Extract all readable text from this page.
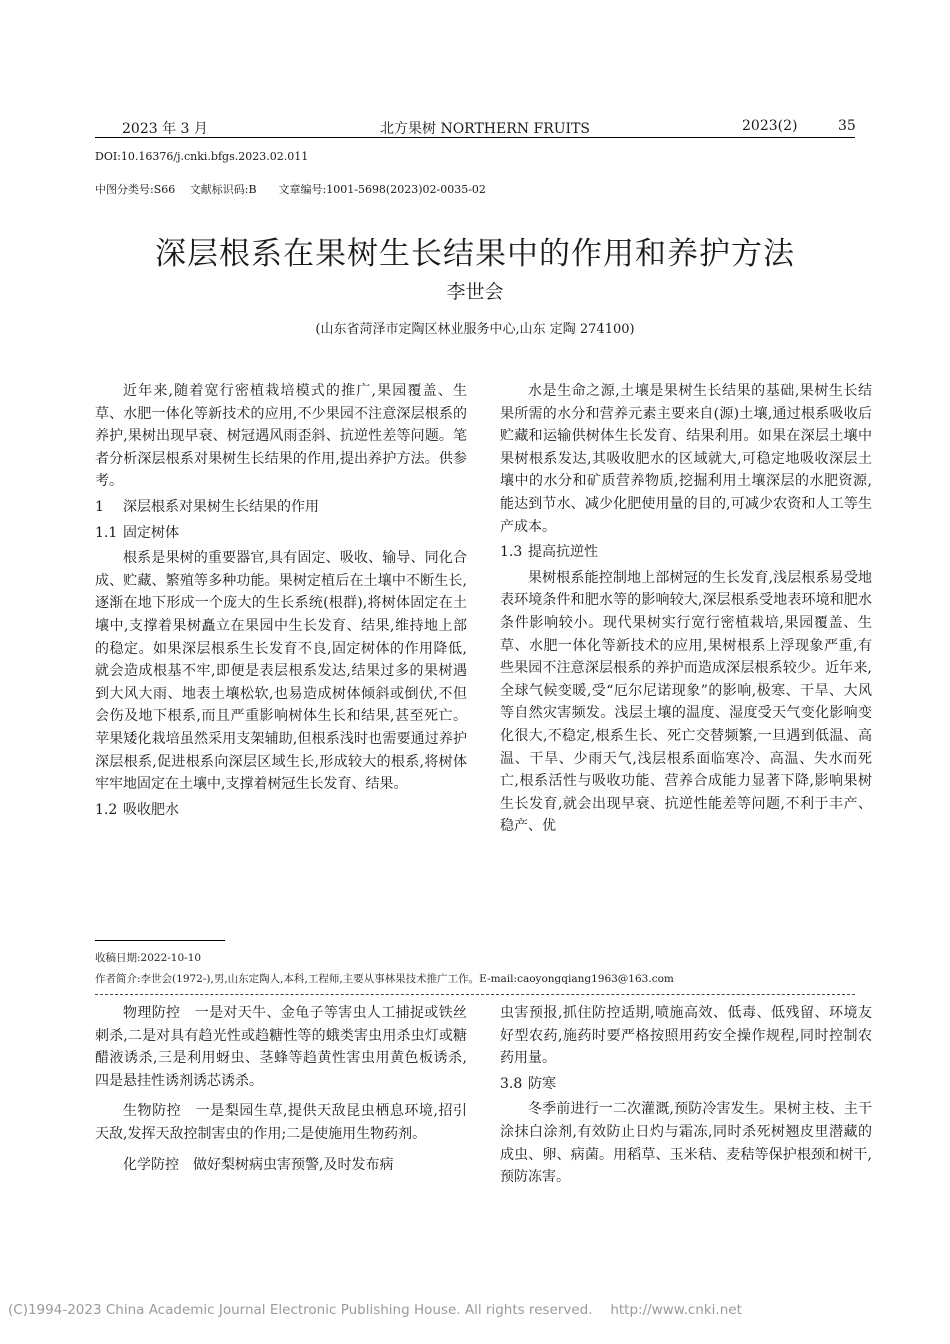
2023 年 3 月	北方果树 NORTHERN FRUITS	2023(2)	35
DOI:10.16376/j.cnki.bfgs.2023.02.011
中图分类号:S66　 文献标识码:B　　文章编号:1001-5698(2023)02-0035-02
深层根系在果树生长结果中的作用和养护方法
李世会
(山东省菏泽市定陶区林业服务中心,山东 定陶 274100)

近年来,随着宽行密植栽培模式的推广,果园覆盖、生草、水肥一体化等新技术的应用,不少果园不注意深层根系的养护,果树出现早衰、树冠遇风雨歪斜、抗逆性差等问题。笔者分析深层根系对果树生长结果的作用,提出养护方法。供参考。

1 深层根系对果树生长结果的作用

1.1 固定树体

根系是果树的重要器官,具有固定、吸收、输导、同化合成、贮藏、繁殖等多种功能。果树定植后在土壤中不断生长,逐渐在地下形成一个庞大的生长系统(根群),将树体固定在土壤中,支撑着果树矗立在果园中生长发育、结果,维持地上部的稳定。如果深层根系生长发育不良,固定树体的作用降低,就会造成根基不牢,即便是表层根系发达,结果过多的果树遇到大风大雨、地表土壤松软,也易造成树体倾斜或倒伏,不但会伤及地下根系,而且严重影响树体生长和结果,甚至死亡。苹果矮化栽培虽然采用支架辅助,但根系浅时也需要通过养护深层根系,促进根系向深层区域生长,形成较大的根系,将树体牢牢地固定在土壤中,支撑着树冠生长发育、结果。

1.2 吸收肥水

水是生命之源,土壤是果树生长结果的基础,果树生长结果所需的水分和营养元素主要来自(源)土壤,通过根系吸收后贮藏和运输供树体生长发育、结果利用。如果在深层土壤中果树根系发达,其吸收肥水的区域就大,可稳定地吸收深层土壤中的水分和矿质营养物质,挖掘利用土壤深层的水肥资源,能达到节水、减少化肥使用量的目的,可减少农资和人工等生产成本。

1.3 提高抗逆性

果树根系能控制地上部树冠的生长发育,浅层根系易受地表环境条件和肥水等的影响较大,深层根系受地表环境和肥水条件影响较小。现代果树实行宽行密植栽培,果园覆盖、生草、水肥一体化等新技术的应用,果树根系上浮现象严重,有些果园不注意深层根系的养护而造成深层根系较少。近年来,全球气候变暖,受“厄尔尼诺现象”的影响,极寒、干旱、大风等自然灾害频发。浅层土壤的温度、湿度受天气变化影响变化很大,不稳定,根系生长、死亡交替频繁,一旦遇到低温、高温、干旱、少雨天气,浅层根系面临寒冷、高温、失水而死亡,根系活性与吸收功能、营养合成能力显著下降,影响果树生长发育,就会出现早衰、抗逆性能差等问题,不利于丰产、稳产、优

收稿日期:2022-10-10
作者简介:李世会(1972-),男,山东定陶人,本科,工程师,主要从事林果技术推广工作。E-mail:caoyongqiang1963@163.com

物理防控　一是对天牛、金龟子等害虫人工捕捉或铁丝刺杀,二是对具有趋光性或趋糖性等的蛾类害虫用杀虫灯或糖醋液诱杀,三是利用蚜虫、茎蜂等趋黄性害虫用黄色板诱杀,四是悬挂性诱剂诱芯诱杀。

生物防控　一是梨园生草,提供天敌昆虫栖息环境,招引天敌,发挥天敌控制害虫的作用;二是使施用生物药剂。

化学防控　做好梨树病虫害预警,及时发布病

虫害预报,抓住防控适期,喷施高效、低毒、低残留、环境友好型农药,施药时要严格按照用药安全操作规程,同时控制农药用量。

3.8 防寒

冬季前进行一二次灌溉,预防冷害发生。果树主枝、主干涂抹白涂剂,有效防止日灼与霜冻,同时杀死树翘皮里潜藏的成虫、卵、病菌。用稻草、玉米秸、麦秸等保护根颈和树干,预防冻害。

(C)1994-2023 China Academic Journal Electronic Publishing House. All rights reserved.　 http://www.cnki.net
